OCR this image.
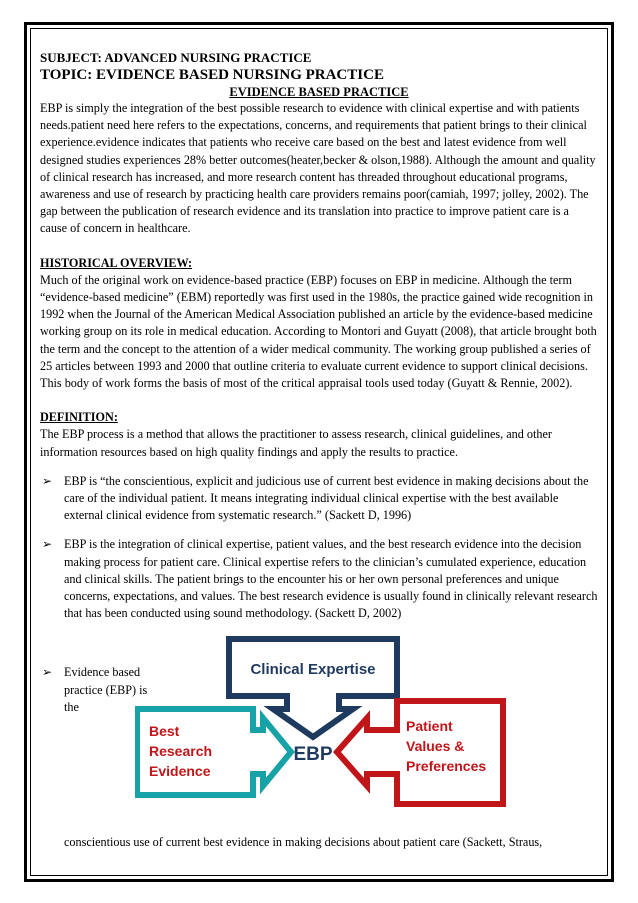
SUBJECT: ADVANCED NURSING PRACTICE

TOPIC: EVIDENCE BASED NURSING PRACTICE

EVIDENCE BASED PRACTICE

EBP is simply the integration of the best possible research to evidence with clinical expertise and with patients needs.patient need here refers to the expectations, concerns, and requirements that patient brings to their clinical experience.evidence indicates that patients who receive care based on the best and latest evidence from well designed studies experiences 28% better outcomes(heater,becker & olson,1988). Although the amount and quality of clinical research has increased, and more research content has threaded throughout educational programs, awareness and use of research by practicing health care providers remains poor(camiah, 1997; jolley, 2002). The gap between the publication of research evidence and its translation into practice to improve patient care is a cause of concern in healthcare.

HISTORICAL OVERVIEW:

Much of the original work on evidence-based practice (EBP) focuses on EBP in medicine. Although the term “evidence-based medicine” (EBM) reportedly was first used in the 1980s, the practice gained wide recognition in 1992 when the Journal of the American Medical Association published an article by the evidence-based medicine working group on its role in medical education. According to Montori and Guyatt (2008), that article brought both the term and the concept to the attention of a wider medical community. The working group published a series of 25 articles between 1993 and 2000 that outline criteria to evaluate current evidence to support clinical decisions. This body of work forms the basis of most of the critical appraisal tools used today (Guyatt & Rennie, 2002).

DEFINITION:

The EBP process is a method that allows the practitioner to assess research, clinical guidelines, and other information resources based on high quality findings and apply the results to practice.

➢ EBP is “the conscientious, explicit and judicious use of current best evidence in making decisions about the care of the individual patient. It means integrating individual clinical expertise with the best available external clinical evidence from systematic research.” (Sackett D, 1996)
➢ EBP is the integration of clinical expertise, patient values, and the best research evidence into the decision making process for patient care. Clinical expertise refers to the clinician’s cumulated experience, education and clinical skills. The patient brings to the encounter his or her own personal preferences and unique concerns, expectations, and values. The best research evidence is usually found in clinically relevant research that has been conducted using sound methodology. (Sackett D, 2002)
➢ Evidence based practice (EBP) is the
Clinical Expertise
Best
Research
Evidence
EBP
Patient
Values &
Preferences

conscientious use of current best evidence in making decisions about patient care (Sackett, Straus,
